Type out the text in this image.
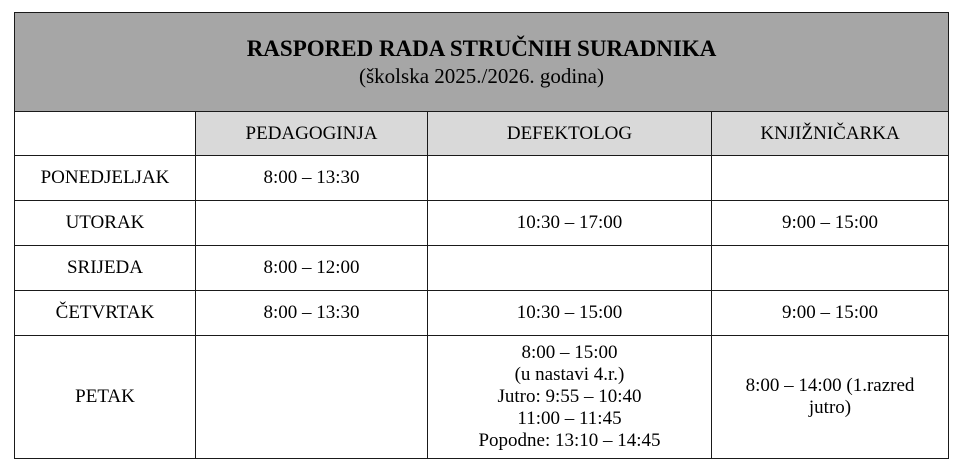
RASPORED RADA STRUČNIH SURADNIKA
(školska 2025./2026. godina)			

	PEDAGOGINJA	DEFEKTOLOG	KNJIŽNIČARKA
PONEDJELJAK	8:00 – 13:30		
UTORAK		10:30 – 17:00	9:00 – 15:00
SRIJEDA	8:00 – 12:00		
ČETVRTAK	8:00 – 13:30	10:30 – 15:00	9:00 – 15:00
PETAK		8:00 – 15:00
(u nastavi 4.r.)
Jutro: 9:55 – 10:40
11:00 – 11:45
Popodne: 13:10 – 14:45	8:00 – 14:00 (1.razred
jutro)
